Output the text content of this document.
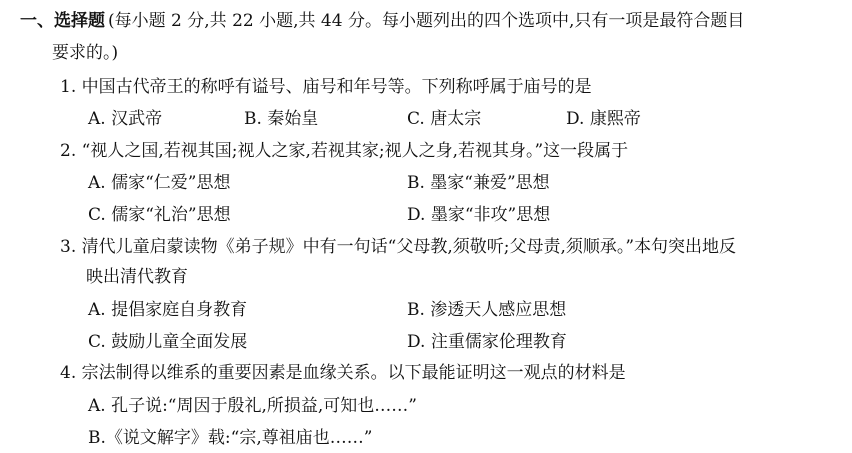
一、选择题 (每小题 2 分,共 22 小题,共 44 分。每小题列出的四个选项中,只有一项是最符合题目
要求的。)
1. 中国古代帝王的称呼有谥号、庙号和年号等。下列称呼属于庙号的是
A. 汉武帝	B. 秦始皇	C. 唐太宗	D. 康熙帝
2. “视人之国,若视其国;视人之家,若视其家;视人之身,若视其身。”这一段属于
A. 儒家“仁爱”思想	B. 墨家“兼爱”思想
C. 儒家“礼治”思想	D. 墨家“非攻”思想
3. 清代儿童启蒙读物《弟子规》中有一句话“父母教,须敬听;父母责,须顺承。”本句突出地反
映出清代教育
A. 提倡家庭自身教育	B. 渗透天人感应思想
C. 鼓励儿童全面发展	D. 注重儒家伦理教育
4. 宗法制得以维系的重要因素是血缘关系。以下最能证明这一观点的材料是
A. 孔子说:“周因于殷礼,所损益,可知也……”
B.《说文解字》载:“宗,尊祖庙也……”
